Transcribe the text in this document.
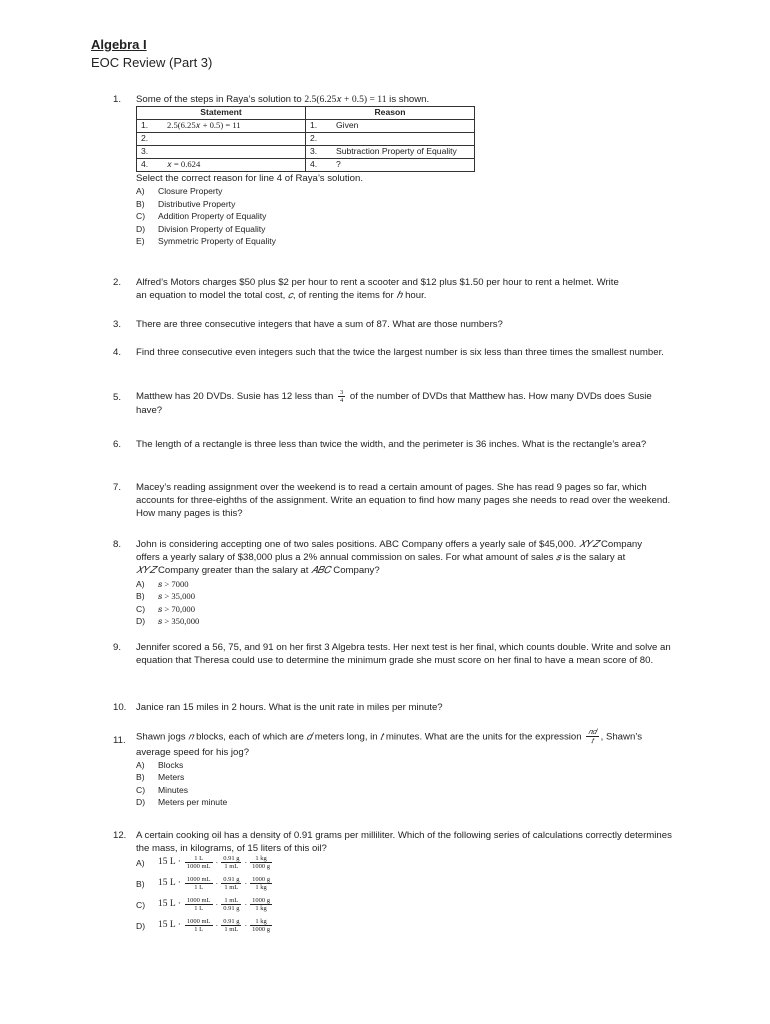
Algebra I
EOC Review (Part 3)
1.	Some of the steps in Raya’s solution to 2.5(6.25𝑥 + 0.5) = 11 is shown.
Statement	Reason
1. 2.5(6.25𝑥 + 0.5) = 11	1. Given
2.	2.
3.	3. Subtraction Property of Equality
4. 𝑥 = 0.624	4. ?
Select the correct reason for line 4 of Raya’s solution.
A)	Closure Property
B)	Distributive Property
C)	Addition Property of Equality
D)	Division Property of Equality
E)	Symmetric Property of Equality
2.	Alfred’s Motors charges $50 plus $2 per hour to rent a scooter and $12 plus $1.50 per hour to rent a helmet. Write
an equation to model the total cost, 𝑐, of renting the items for ℎ hour.
3.	There are three consecutive integers that have a sum of 87. What are those numbers?
4.	Find three consecutive even integers such that the twice the largest number is six less than three times the smallest number.
5.	Matthew has 20 DVDs. Susie has 12 less than $\frac{3}{4}$ of the number of DVDs that Matthew has. How many DVDs does Susie
have?
6.	The length of a rectangle is three less than twice the width, and the perimeter is 36 inches. What is the rectangle’s area?
7.	Macey’s reading assignment over the weekend is to read a certain amount of pages. She has read 9 pages so far, which accounts for three-eighths of the assignment. Write an equation to find how many pages she needs to read over the weekend. How many pages is this?
8.	John is considering accepting one of two sales positions. ABC Company offers a yearly sale of $45,000. 𝑋𝑌𝑍 Company
offers a yearly salary of $38,000 plus a 2% annual commission on sales. For what amount of sales 𝑠 is the salary at
𝑋𝑌𝑍 Company greater than the salary at 𝐴𝐵𝐶 Company?
A)	𝑠 > 7000
B)	𝑠 > 35,000
C)	𝑠 > 70,000
D)	𝑠 > 350,000
9.	Jennifer scored a 56, 75, and 91 on her first 3 Algebra tests. Her next test is her final, which counts double. Write and solve an equation that Theresa could use to determine the minimum grade she must score on her final to have a mean score of 80.
10.	Janice ran 15 miles in 2 hours. What is the unit rate in miles per minute?
11.	Shawn jogs 𝑛 blocks, each of which are 𝑑 meters long, in 𝑡 minutes. What are the units for the expression $\frac{\text{𝑛𝑑}}{\text{𝑡}}$ , Shawn’s
average speed for his jog?
A)	Blocks
B)	Meters
C)	Minutes
D)	Meters per minute
12.	A certain cooking oil has a density of 0.91 grams per milliliter. Which of the following series of calculations correctly determines the mass, in kilograms, of 15 liters of this oil?
A)	15 $L \cdot \frac{1 L}{1000 mL} \cdot \frac{0.91 g}{1 mL} \cdot \frac{1 kg}{1000 g}$
B)	15 $L \cdot \frac{1000 mL}{1 L} \cdot \frac{0.91 g}{1 mL} \cdot \frac{1000 g}{1 kg}$
C)	15 $L \cdot \frac{1000 mL}{1 L} \cdot \frac{1 mL}{0.91 g} \cdot \frac{1000 g}{1 kg}$
D)	15 $L \cdot \frac{1000 mL}{1 L} \cdot \frac{0.91 g}{1 mL} \cdot \frac{1 kg}{1000 g}$
